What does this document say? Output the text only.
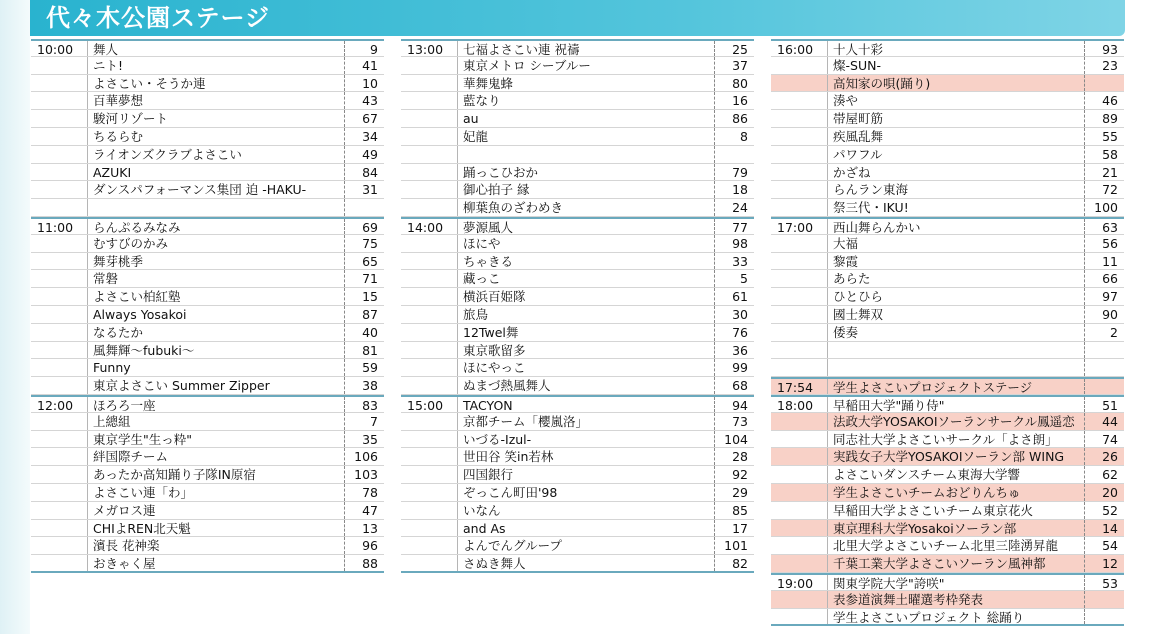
代々木公園ステージ
10:00	舞人	9
ニト!	41
よさこい・そうか連	10
百華夢想	43
駿河リゾート	67
ちるらむ	34
ライオンズクラブよさこい	49
AZUKI	84
ダンスパフォーマンス集団 迫 -HAKU-	31
11:00	らんぷるみなみ	69
むすびのかみ	75
舞芽桃季	65
常磐	71
よさこい柏紅塾	15
Always Yosakoi	87
なるたか	40
風舞輝〜fubuki〜	81
Funny	59
東京よさこい Summer Zipper	38
12:00	ほろろ一座	83
上總組	7
東京学生"生っ粋"	35
絆国際チーム	106
あったか高知踊り子隊IN原宿	103
よさこい連「わ」	78
メガロス連	47
CHIよREN北天魁	13
濱長 花神楽	96
おきゃく屋	88
13:00	七福よさこい連 祝禱	25
東京メトロ シーブルー	37
華舞鬼蜂	80
藍なり	16
au	86
妃龍	8
踊っこひおか	79
御心拍子 縁	18
柳葉魚のざわめき	24
14:00	夢源風人	77
ほにや	98
ちゃきる	33
藏っこ	5
横浜百姫隊	61
旅鳥	30
12Twel舞	76
東京歌留多	36
ほにやっこ	99
ぬまづ熱風舞人	68
15:00	TACYON	94
京都チーム「櫻嵐洛」	73
いづる-Izul-	104
世田谷 笑in若林	28
四国銀行	92
ぞっこん町田'98	29
いなん	85
and As	17
よんでんグループ	101
さぬき舞人	82
16:00	十人十彩	93
燦-SUN-	23
高知家の唄(踊り)
湊や	46
帯屋町筋	89
疾風乱舞	55
パワフル	58
かざね	21
らんラン東海	72
祭三代・IKU!	100
17:00	西山舞らんかい	63
大福	56
黎霞	11
あらた	66
ひとひら	97
國士舞双	90
倭奏	2
17:54	学生よさこいプロジェクトステージ
18:00	早稲田大学"踊り侍"	51
法政大学YOSAKOIソーランサークル鳳遥恋 44
同志社大学よさこいサークル「よさ朗」	74
実践女子大学YOSAKOIソーラン部 WING	26
よさこいダンスチーム東海大学響	62
学生よさこいチームおどりんちゅ	20
早稲田大学よさこいチーム東京花火	52
東京理科大学Yosakoiソーラン部	14
北里大学よさこいチーム北里三陸湧昇龍	54
千葉工業大学よさこいソーラン風神都	12
19:00	関東学院大学"誇咲"	53
表参道演舞土曜選考枠発表
学生よさこいプロジェクト 総踊り
